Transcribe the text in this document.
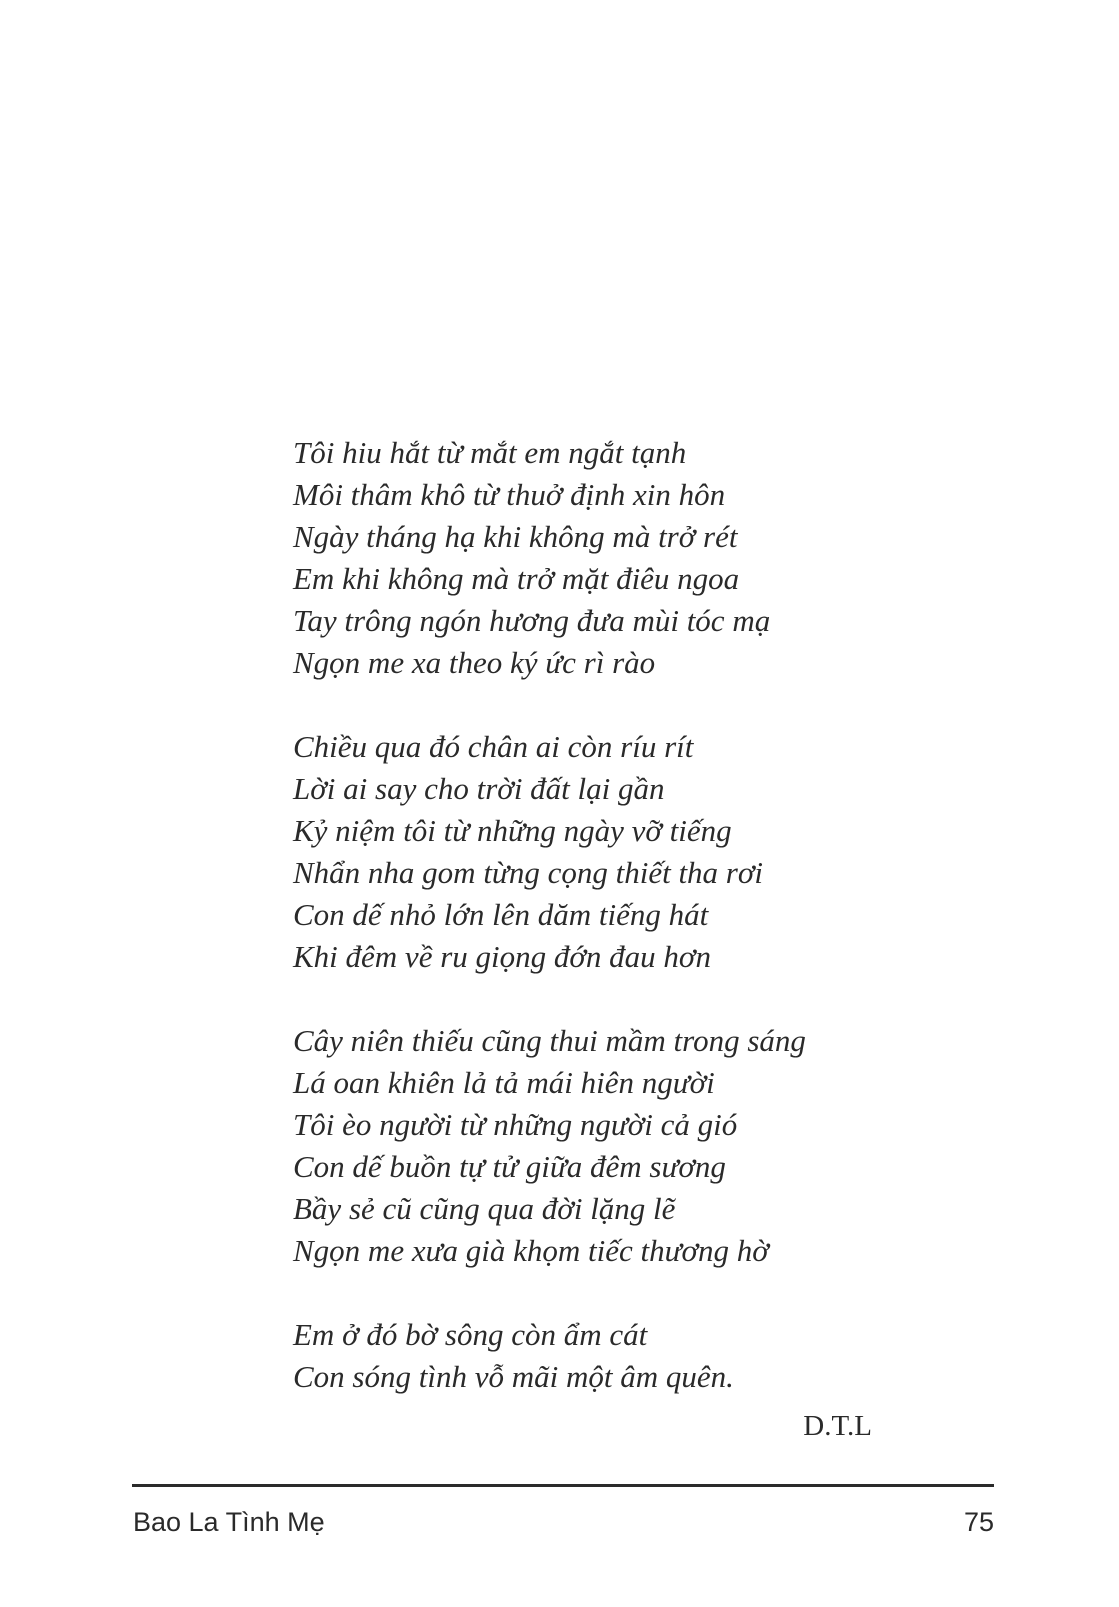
Tôi hiu hắt từ mắt em ngắt tạnh
Môi thâm khô từ thuở định xin hôn
Ngày tháng hạ khi không mà trở rét
Em khi không mà trở mặt điêu ngoa
Tay trông ngón hương đưa mùi tóc mạ
Ngọn me xa theo ký ức rì rào
Chiều qua đó chân ai còn ríu rít
Lời ai say cho trời đất lại gần
Kỷ niệm tôi từ những ngày vỡ tiếng
Nhẩn nha gom từng cọng thiết tha rơi
Con dế nhỏ lớn lên dăm tiếng hát
Khi đêm về ru giọng đớn đau hơn
Cây niên thiếu cũng thui mầm trong sáng
Lá oan khiên lả tả mái hiên người
Tôi èo người từ những người cả gió
Con dế buồn tự tử giữa đêm sương
Bầy sẻ cũ cũng qua đời lặng lẽ
Ngọn me xưa già khọm tiếc thương hờ
Em ở đó bờ sông còn ẩm cát
Con sóng tình vỗ mãi một âm quên.
D.T.L
Bao La Tình Mẹ	75
